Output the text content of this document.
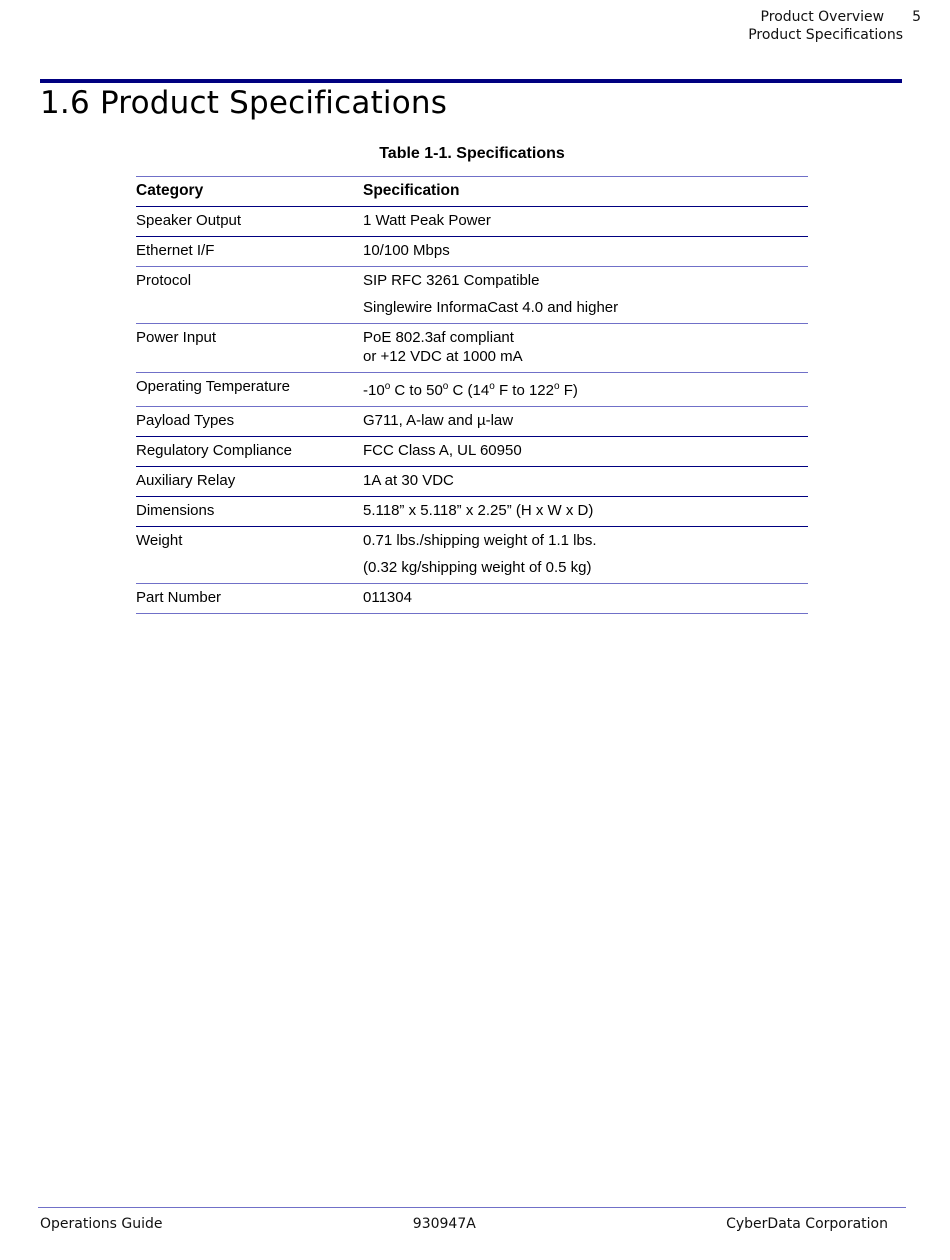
Product Overview 5
Product Specifications
1.6 Product Specifications
Table 1-1. Specifications
Category	Specification
Speaker Output	1 Watt Peak Power

Ethernet I/F	10/100 Mbps

Protocol	SIP RFC 3261 Compatible
Singlewire InformaCast 4.0 and higher

Power Input	PoE 802.3af compliant
or +12 VDC at 1000 mA

Operating Temperature	-10$^o$ C to 50$^o$ C (14$^o$ F to 122$^o$ F)

Payload Types	G711, A-law and µ-law

Regulatory Compliance	FCC Class A, UL 60950

Auxiliary Relay	1A at 30 VDC

Dimensions	5.118” x 5.118” x 2.25” (H x W x D)

Weight	0.71 lbs./shipping weight of 1.1 lbs.
(0.32 kg/shipping weight of 0.5 kg)

Part Number	011304
Operations Guide	930947A	CyberData Corporation
